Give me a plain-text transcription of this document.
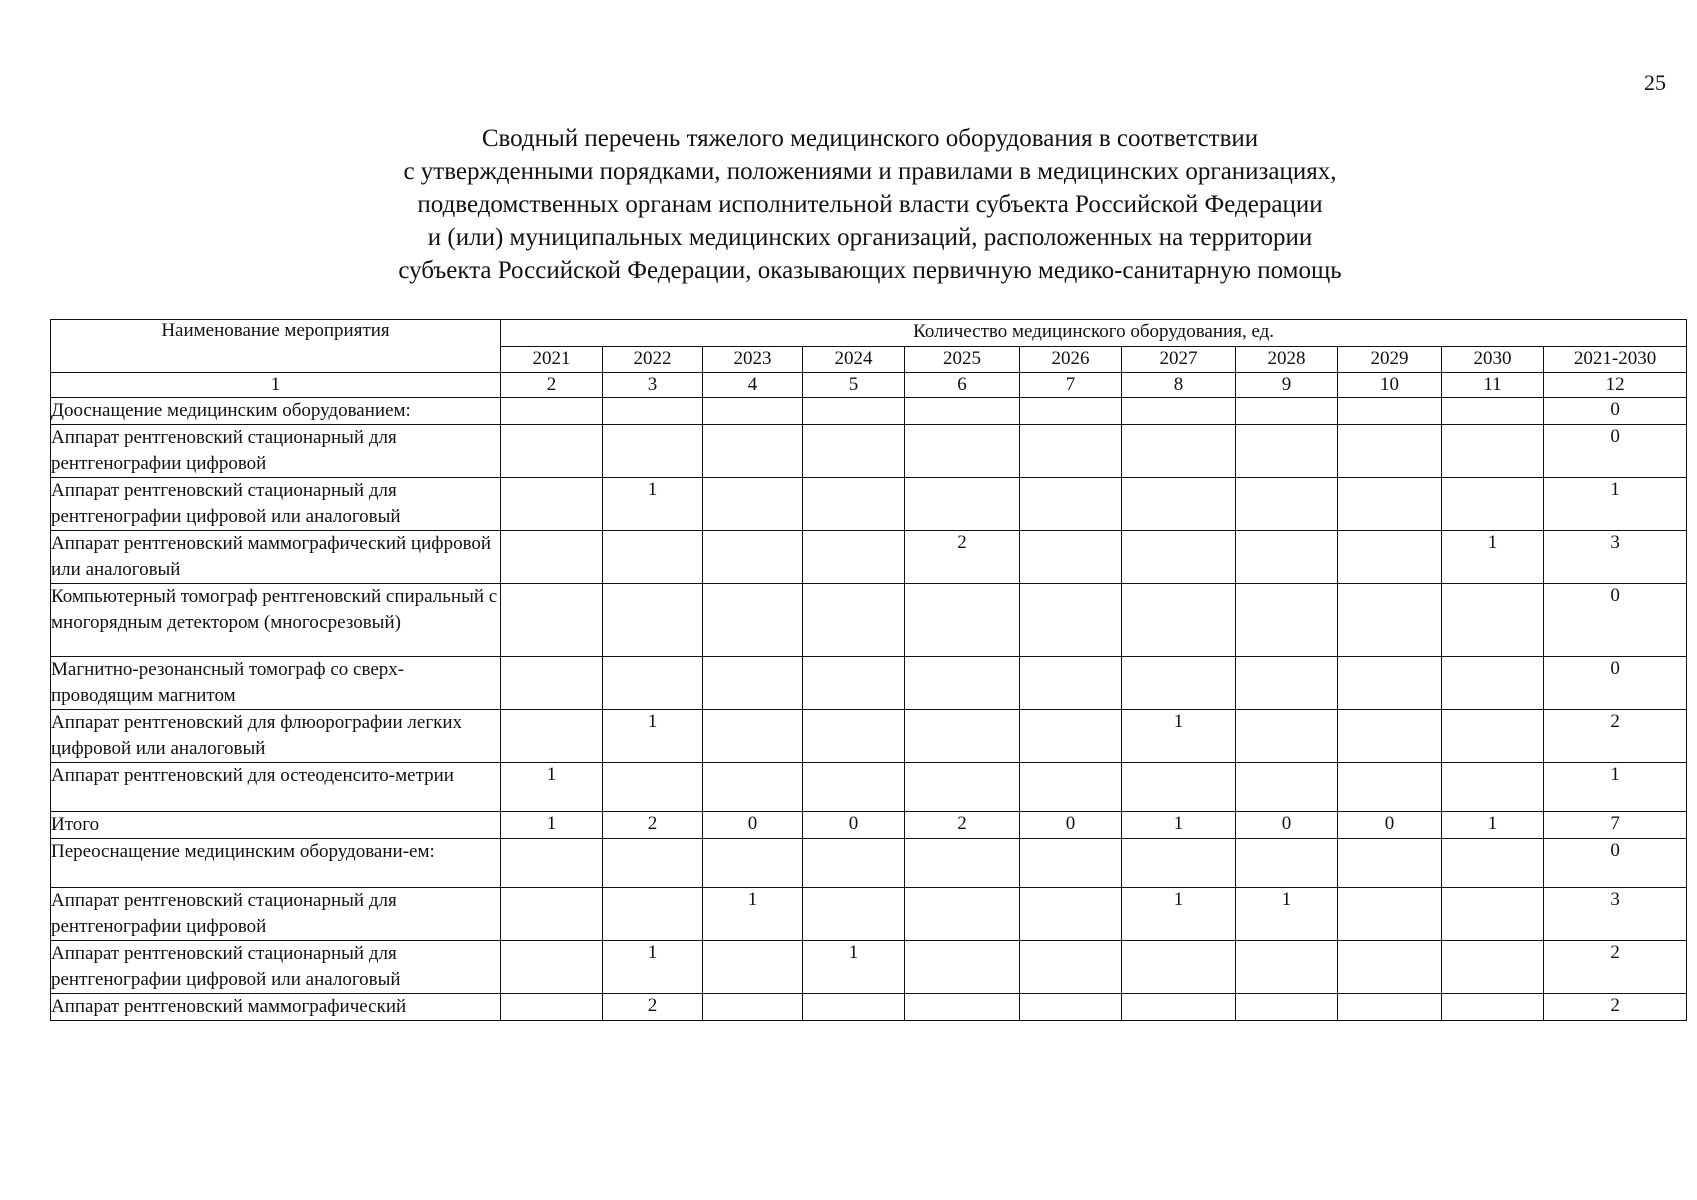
25
Сводный перечень тяжелого медицинского оборудования в соответствии
с утвержденными порядками, положениями и правилами в медицинских организациях,
подведомственных органам исполнительной власти субъекта Российской Федерации
и (или) муниципальных медицинских организаций, расположенных на территории
субъекта Российской Федерации, оказывающих первичную медико-санитарную помощь
Наименование мероприятия	Количество медицинского оборудования, ед.										
	2021	2022	2023	2024	2025	2026	2027	2028	2029	2030	2021-2030
1	2	3	4	5	6	7	8	9	10	11	12
Дооснащение медицинским оборудованием:											0
Аппарат рентгеновский стационарный для рентгенографии цифровой											0
Аппарат рентгеновский стационарный для рентгенографии цифровой или аналоговый		1									1
Аппарат рентгеновский маммографический цифровой или аналоговый					2					1	3
Компьютерный томограф рентгеновский спиральный с многорядным детектором (многосрезовый)											0
Магнитно-резонансный томограф со сверх-проводящим магнитом											0
Аппарат рентгеновский для флюорографии легких цифровой или аналоговый		1					1				2
Аппарат рентгеновский для остеоденсито-метрии	1										1
Итого	1	2	0	0	2	0	1	0	0	1	7
Переоснащение медицинским оборудовани-ем:											0
Аппарат рентгеновский стационарный для рентгенографии цифровой			1				1	1			3
Аппарат рентгеновский стационарный для рентгенографии цифровой или аналоговый		1		1							2
Аппарат рентгеновский маммографический		2									2
